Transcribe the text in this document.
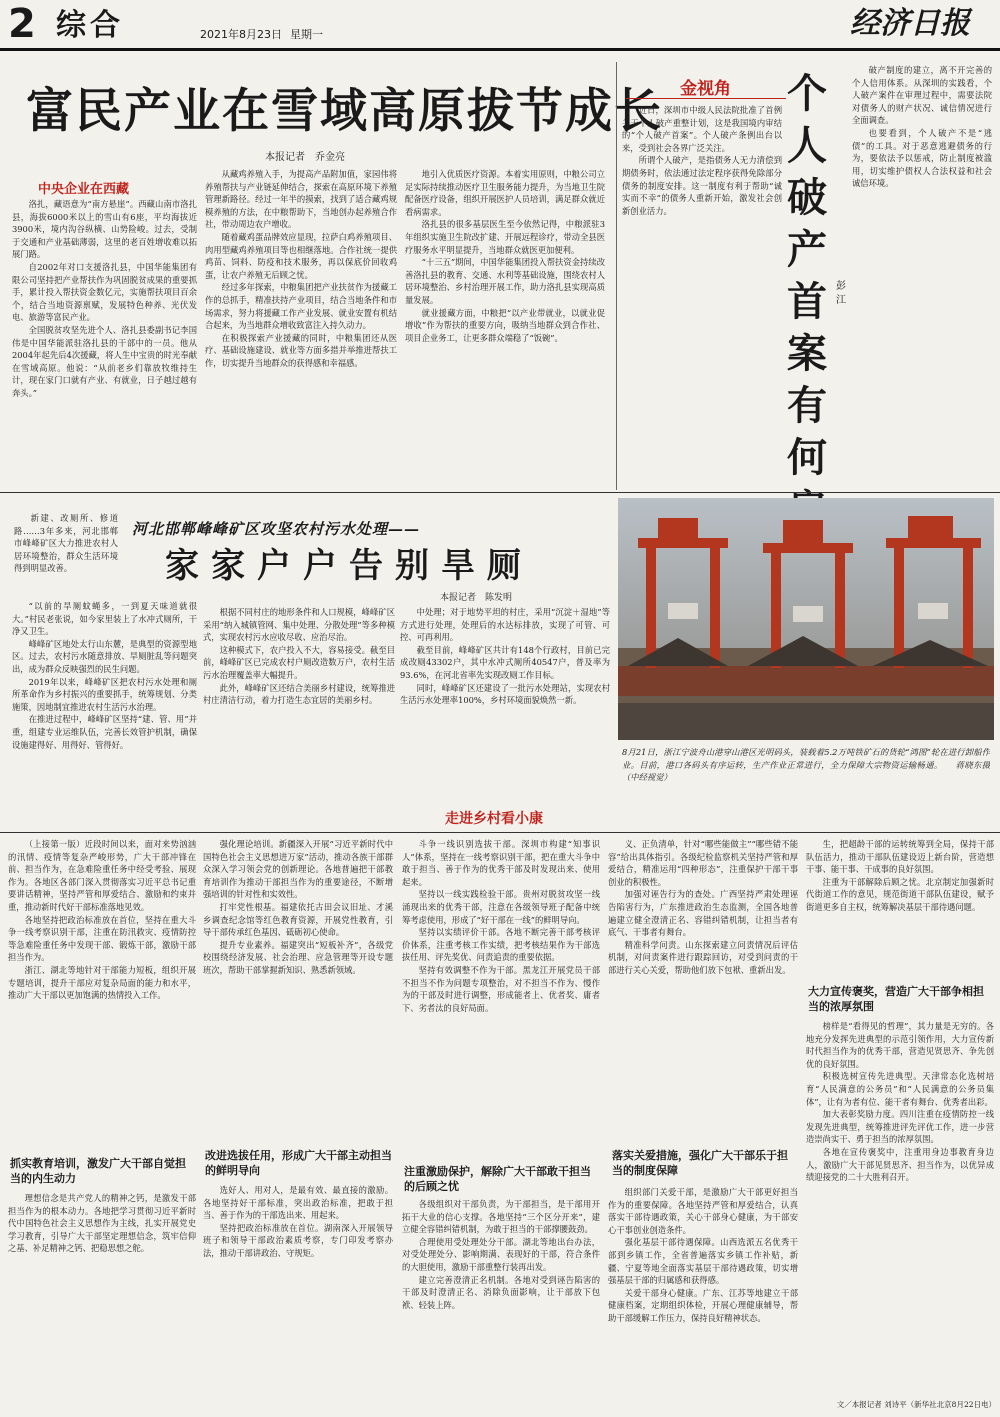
2 综合	2021年8月23日 星期一	经济日报
富民产业在雪域高原拔节成长
本报记者　乔金亮
中央企业在西藏

洛扎，藏语意为“南方悬崖”。西藏山南市洛扎县，海拔6000米以上的雪山有6座，平均海拔近3900米，境内沟谷纵横、山势险峻。过去，受制于交通和产业基础薄弱，这里的老百姓增收难以拓展门路。

自2002年对口支援洛扎县，中国华能集团有限公司坚持把产业帮扶作为巩固脱贫成果的重要抓手，累计投入帮扶资金数亿元，实施帮扶项目百余个，结合当地资源禀赋，发展特色种养、光伏发电、旅游等富民产业。

全国脱贫攻坚先进个人、洛扎县委副书记李国伟是中国华能派驻洛扎县的干部中的一员。他从2004年起先后4次援藏，将人生中宝贵的时光奉献在雪域高原。他说：“从前老乡们靠放牧维持生计，现在家门口就有产业、有就业，日子越过越有奔头。”

从藏鸡养殖入手，为提高产品附加值，家园伟将养殖帮扶与产业链延伸结合，探索在高原环境下养殖管理新路径。经过一年半的摸索，找到了适合藏鸡规模养殖的方法，在中粮帮助下，当地创办起养殖合作社，带动周边农户增收。

随着藏鸡蛋品牌效应显现，拉萨白鸡养殖项目、肉用型藏鸡养殖项目等也相继落地。合作社统一提供鸡苗、饲料、防疫和技术服务，再以保底价回收鸡蛋，让农户养殖无后顾之忧。

经过多年探索，中粮集团把产业扶贫作为援藏工作的总抓手，精准扶持产业项目，结合当地条件和市场需求，努力将援藏工作产业发展、就业安置有机结合起来，为当地群众增收致富注入持久动力。

在积极探索产业援藏的同时，中粮集团还从医疗、基础设施建设、就业等方面多措并举推进帮扶工作，切实提升当地群众的获得感和幸福感。

地引入优质医疗资源。本着实用原则，中粮公司立足实际持续推动医疗卫生服务能力提升，为当地卫生院配备医疗设备，组织开展医护人员培训，满足群众就近看病需求。

洛扎县的很多基层医生至今依然记得，中粮派驻3年组织实施卫生院改扩建、开展远程诊疗，带动全县医疗服务水平明显提升，当地群众就医更加便利。

“十三五”期间，中国华能集团投入帮扶资金持续改善洛扎县的教育、交通、水利等基础设施，围绕农村人居环境整治、乡村治理开展工作，助力洛扎县实现高质量发展。

就业援藏方面，中粮把“以产业带就业，以就业促增收”作为帮扶的重要方向，吸纳当地群众到合作社、项目企业务工，让更多群众端稳了“饭碗”。

金视角 个人破产首案有何
彭江

近日，深圳市中级人民法院批准了首例关于个人破产重整计划，这是我国境内审结的“个人破产首案”。个人破产条例出台以来，受到社会各界广泛关注。

所谓个人破产，是指债务人无力清偿到期债务时，依法通过法定程序获得免除部分债务的制度安排。这一制度有利于帮助“诚实而不幸”的债务人重新开始，激发社会创新创业活力。

破产制度的建立，离不开完善的个人信用体系。从深圳的实践看，个人破产案件在审理过程中，需要法院对债务人的财产状况、诚信情况进行全面调查。

也要看到，个人破产不是“逃债”的工具。对于恶意逃避债务的行为，要依法予以惩戒，防止制度被滥用，切实维护债权人合法权益和社会诚信环境。

新建、改厕所、修道路……3年多来，河北邯郸市峰峰矿区大力推进农村人居环境整治，群众生活环境得到明显改善。

河北邯郸峰峰矿区攻坚农村污水处理——
家家户户告别旱厕
本报记者　陈发明

“以前的旱厕蚊蝇多，一到夏天味道就很大。”村民老张说，如今家里装上了水冲式厕所，干净又卫生。

峰峰矿区地处太行山东麓，是典型的资源型地区。过去，农村污水随意排放、旱厕脏乱等问题突出，成为群众反映强烈的民生问题。

2019年以来，峰峰矿区把农村污水处理和厕所革命作为乡村振兴的重要抓手，统筹规划、分类施策，因地制宜推进农村生活污水治理。

在推进过程中，峰峰矿区坚持“建、管、用”并重，组建专业运维队伍，完善长效管护机制，确保设施建得好、用得好、管得好。

根据不同村庄的地形条件和人口规模，峰峰矿区采用“纳入城镇管网、集中处理、分散处理”等多种模式，实现农村污水应收尽收、应治尽治。

这种模式下，农户投入不大，容易接受。截至目前，峰峰矿区已完成农村户厕改造数万户，农村生活污水治理覆盖率大幅提升。

此外，峰峰矿区还结合美丽乡村建设，统筹推进村庄清洁行动，着力打造生态宜居的美丽乡村。

中处理；对于地势平坦的村庄，采用“沉淀＋湿地”等方式进行处理，处理后的水达标排放，实现了可管、可控、可再利用。

截至目前，峰峰矿区共计有148个行政村，目前已完成改厕43302户，其中水冲式厕所40547户，普及率为93.6%，在河北省率先实现改厕工作目标。

同时，峰峰矿区还建设了一批污水处理站，实现农村生活污水处理率100%，乡村环境面貌焕然一新。

走进乡村看小康
8月21日，浙江宁波舟山港穿山港区光明码头，装载着5.2万吨铁矿石的货轮“鸿图”轮在进行卸船作业。目前，港口各码头有序运转，生产作业正常进行，全力保障大宗物资运输畅通。　　蒋晓东摄（中经视觉）

（上接第一版）近段时间以来，面对来势汹汹的汛情、疫情等复杂严峻形势，广大干部冲锋在前、担当作为，在急难险重任务中经受考验、展现作为。各地区各部门深入贯彻落实习近平总书记重要讲话精神，坚持严管和厚爱结合、激励和约束并重，推动新时代好干部标准落地见效。

各地坚持把政治标准放在首位，坚持在重大斗争一线考察识别干部，注重在防汛救灾、疫情防控等急难险重任务中发现干部、锻炼干部，激励干部担当作为。

浙江、湖北等地针对干部能力短板，组织开展专题培训，提升干部应对复杂局面的能力和水平，推动广大干部以更加饱满的热情投入工作。

抓实教育培训，激发广大干部自觉担当的内生动力

理想信念是共产党人的精神之钙，是激发干部担当作为的根本动力。各地把学习贯彻习近平新时代中国特色社会主义思想作为主线，扎实开展党史学习教育，引导广大干部坚定理想信念，筑牢信仰之基、补足精神之钙、把稳思想之舵。

强化理论培训。新疆深入开展“习近平新时代中国特色社会主义思想进万家”活动，推动各族干部群众深入学习领会党的创新理论。各地普遍把干部教育培训作为推动干部担当作为的重要途径，不断增强培训的针对性和实效性。

打牢党性根基。福建依托古田会议旧址、才溪乡调查纪念馆等红色教育资源，开展党性教育，引导干部传承红色基因、砥砺初心使命。

提升专业素养。福建突出“短板补齐”，各级党校围绕经济发展、社会治理、应急管理等开设专题班次，帮助干部掌握新知识、熟悉新领域。

改进选拔任用，形成广大干部主动担当的鲜明导向

选好人、用对人，是最有效、最直接的激励。各地坚持好干部标准，突出政治标准，把敢于担当、善于作为的干部选出来、用起来。

坚持把政治标准放在首位。湖南深入开展领导班子和领导干部政治素质考察，专门印发考察办法，推动干部讲政治、守规矩。

斗争一线识别选拔干部。深圳市构建“知事识人”体系，坚持在一线考察识别干部，把在重大斗争中敢于担当、善于作为的优秀干部及时发现出来、使用起来。

坚持以一线实践检验干部。贵州对脱贫攻坚一线涌现出来的优秀干部，注意在各级领导班子配备中统筹考虑使用，形成了“好干部在一线”的鲜明导向。

坚持以实绩评价干部。各地不断完善干部考核评价体系，注重考核工作实绩，把考核结果作为干部选拔任用、评先奖优、问责追责的重要依据。

坚持有效调整不作为干部。黑龙江开展党员干部不担当不作为问题专项整治，对不担当不作为、慢作为的干部及时进行调整，形成能者上、优者奖、庸者下、劣者汰的良好局面。

注重激励保护，解除广大干部敢干担当的后顾之忧

各级组织对干部负责，为干部担当，是干部用开拓干大业的信心支撑。各地坚持“三个区分开来”，建立健全容错纠错机制，为敢于担当的干部撑腰鼓劲。

合理使用受处理处分干部。湖北等地出台办法，对受处理处分、影响期满、表现好的干部，符合条件的大胆使用，激励干部重整行装再出发。

建立完善澄清正名机制。各地对受到诬告陷害的干部及时澄清正名、消除负面影响，让干部放下包袱、轻装上阵。

义、正负清单，针对“哪些能做主”“哪些错不能容”给出具体指引。各级纪检监察机关坚持严管和厚爱结合，精准运用“四种形态”，注重保护干部干事创业的积极性。

加强对诬告行为的查处。广西坚持严肃处理诬告陷害行为，广东推进政治生态监测，全国各地普遍建立健全澄清正名、容错纠错机制，让担当者有底气、干事者有舞台。

精准科学问责。山东探索建立问责情况后评估机制，对问责案件进行跟踪回访，对受到问责的干部进行关心关爱，帮助他们放下包袱、重新出发。

落实关爱措施，强化广大干部乐于担当的制度保障

组织部门关爱干部，是激励广大干部更好担当作为的重要保障。各地坚持严管和厚爱结合，认真落实干部待遇政策，关心干部身心健康，为干部安心干事创业创造条件。

强化基层干部待遇保障。山西选派五名优秀干部到乡镇工作，全省普遍落实乡镇工作补贴，新疆、宁夏等地全面落实基层干部待遇政策，切实增强基层干部的归属感和获得感。

关爱干部身心健康。广东、江苏等地建立干部健康档案，定期组织体检，开展心理健康辅导，帮助干部缓解工作压力，保持良好精神状态。

生，把超龄干部的运转统筹到全局，保持干部队伍活力，推动干部队伍建设迈上新台阶，营造想干事、能干事、干成事的良好氛围。

注重为干部解除后顾之忧。北京制定加强新时代街道工作的意见，规范街道干部队伍建设，赋予街道更多自主权，统筹解决基层干部待遇问题。

大力宣传褒奖，营造广大干部争相担当的浓厚氛围

榜样是“看得见的哲理”，其力量是无穷的。各地充分发挥先进典型的示范引领作用，大力宣传新时代担当作为的优秀干部，营造见贤思齐、争先创优的良好氛围。

积极选树宣传先进典型。天津常态化选树培育“人民满意的公务员”和“人民满意的公务员集体”，让有为者有位、能干者有舞台、优秀者出彩。

加大表彰奖励力度。四川注重在疫情防控一线发现先进典型，统筹推进评先评优工作，进一步营造崇尚实干、勇于担当的浓厚氛围。

各地在宣传褒奖中，注重用身边事教育身边人，激励广大干部见贤思齐、担当作为，以优异成绩迎接党的二十大胜利召开。

文／本报记者 刘诗平（新华社北京8月22日电）
